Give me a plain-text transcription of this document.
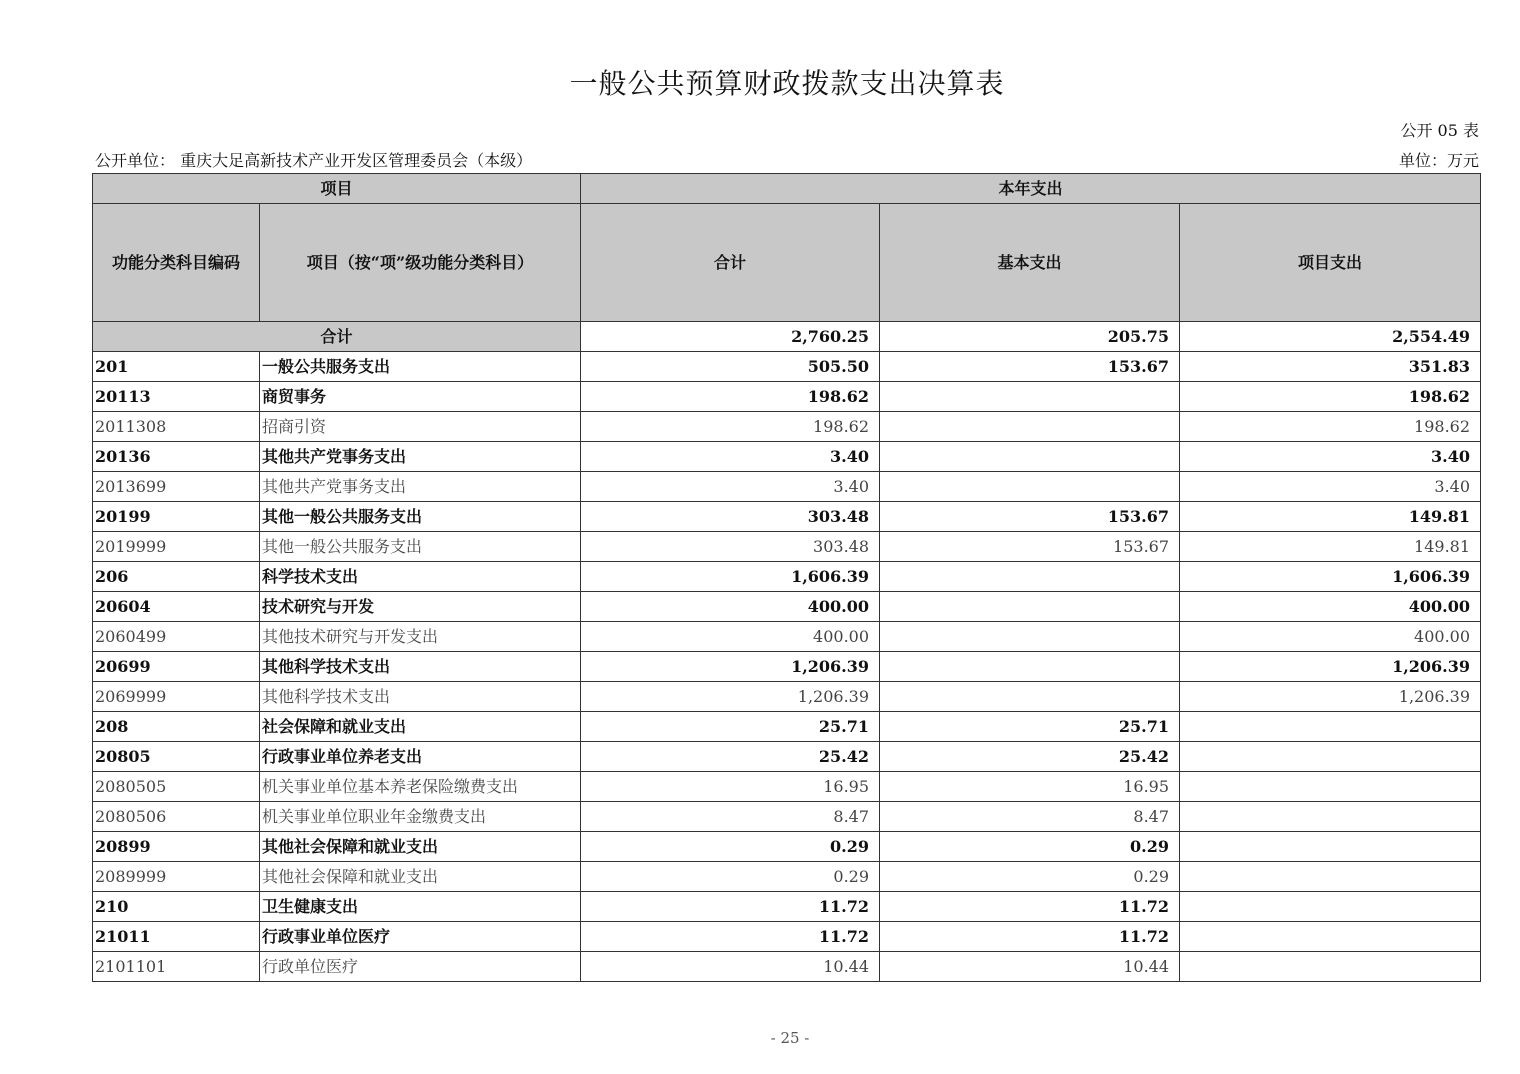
一般公共预算财政拨款支出决算表
公开 05 表
公开单位： 重庆大足高新技术产业开发区管理委员会（本级）	单位：万元
项目		本年支出		
功能分类科目编码	项目（按“项”级功能分类科目）	合计	基本支出	项目支出
合计		2,760.25	205.75	2,554.49
201	一般公共服务支出	505.50	153.67	351.83
20113	商贸事务	198.62		198.62
2011308	招商引资	198.62		198.62
20136	其他共产党事务支出	3.40		3.40
2013699	其他共产党事务支出	3.40		3.40
20199	其他一般公共服务支出	303.48	153.67	149.81
2019999	其他一般公共服务支出	303.48	153.67	149.81
206	科学技术支出	1,606.39		1,606.39
20604	技术研究与开发	400.00		400.00
2060499	其他技术研究与开发支出	400.00		400.00
20699	其他科学技术支出	1,206.39		1,206.39
2069999	其他科学技术支出	1,206.39		1,206.39
208	社会保障和就业支出	25.71	25.71	
20805	行政事业单位养老支出	25.42	25.42	
2080505	机关事业单位基本养老保险缴费支出	16.95	16.95	
2080506	机关事业单位职业年金缴费支出	8.47	8.47	
20899	其他社会保障和就业支出	0.29	0.29	
2089999	其他社会保障和就业支出	0.29	0.29	
210	卫生健康支出	11.72	11.72	
21011	行政事业单位医疗	11.72	11.72	
2101101	行政单位医疗	10.44	10.44	
- 25 -
